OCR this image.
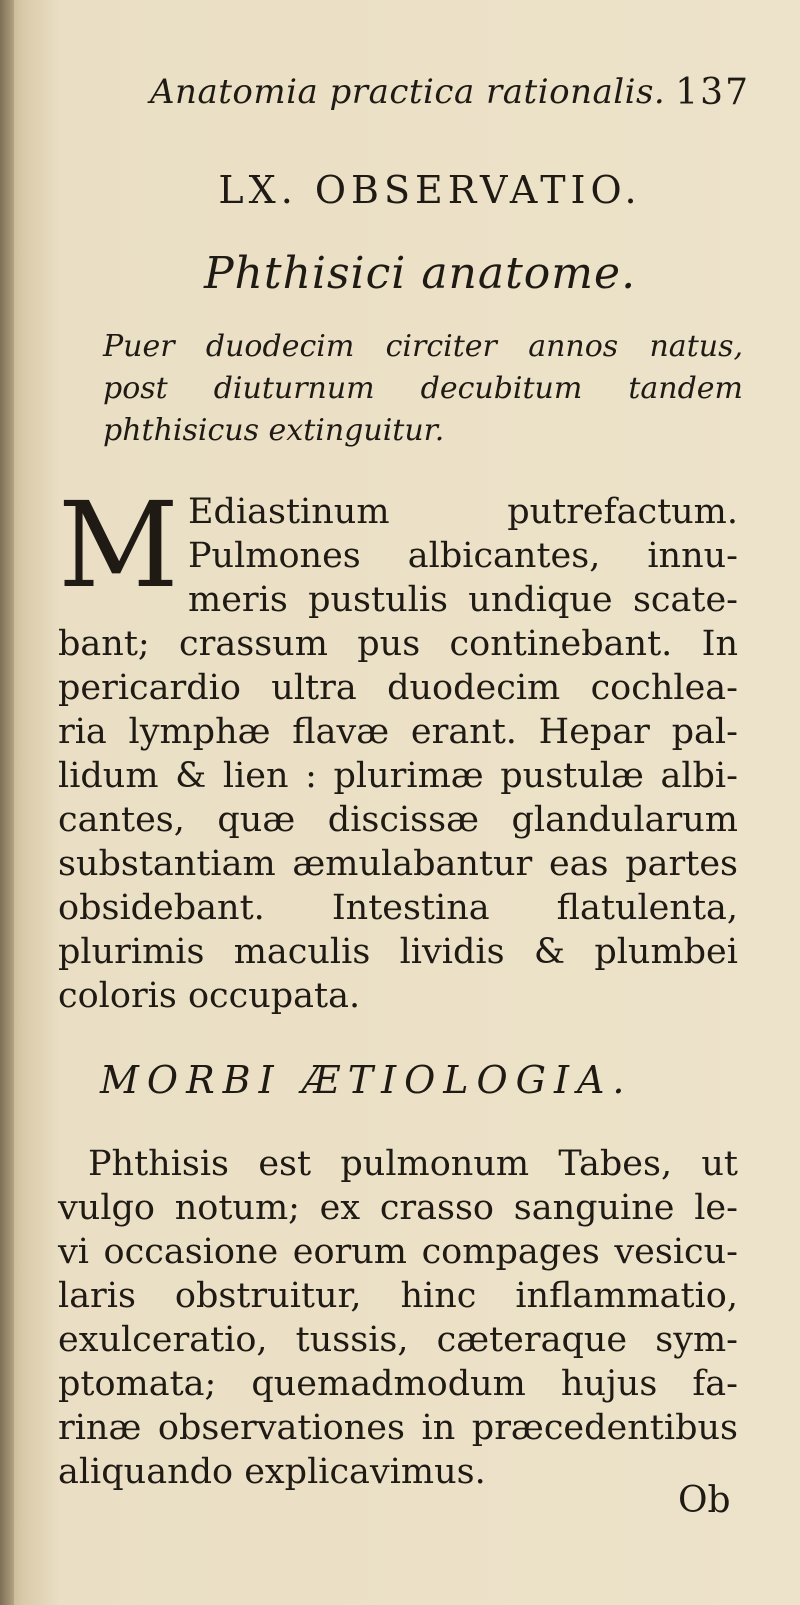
Anatomia practica rationalis. 137
LX. OBSERVATIO.
Phthisici anatome.
Puer duodecim circiter annos natus,
post diuturnum decubitum tandem
phthisicus extinguitur.
M Ediastinum	putrefactum.
Pulmones albicantes, innu-
meris pustulis undique scate-
bant; crassum pus continebant. In
pericardio ultra duodecim cochlea-
ria lymphæ flavæ erant. Hepar pal-
lidum & lien : plurimæ pustulæ albi-
cantes, quæ discissæ glandularum
substantiam æmulabantur eas partes
obsidebant. Intestina flatulenta,
plurimis maculis lividis & plumbei
coloris occupata.
MORBI ÆTIOLOGIA.
Phthisis est pulmonum Tabes, ut
vulgo notum; ex crasso sanguine le-
vi occasione eorum compages vesicu-
laris obstruitur, hinc inflammatio,
exulceratio, tussis, cæteraque sym-
ptomata; quemadmodum hujus fa-
rinæ observationes in præcedentibus
aliquando explicavimus.
Ob
